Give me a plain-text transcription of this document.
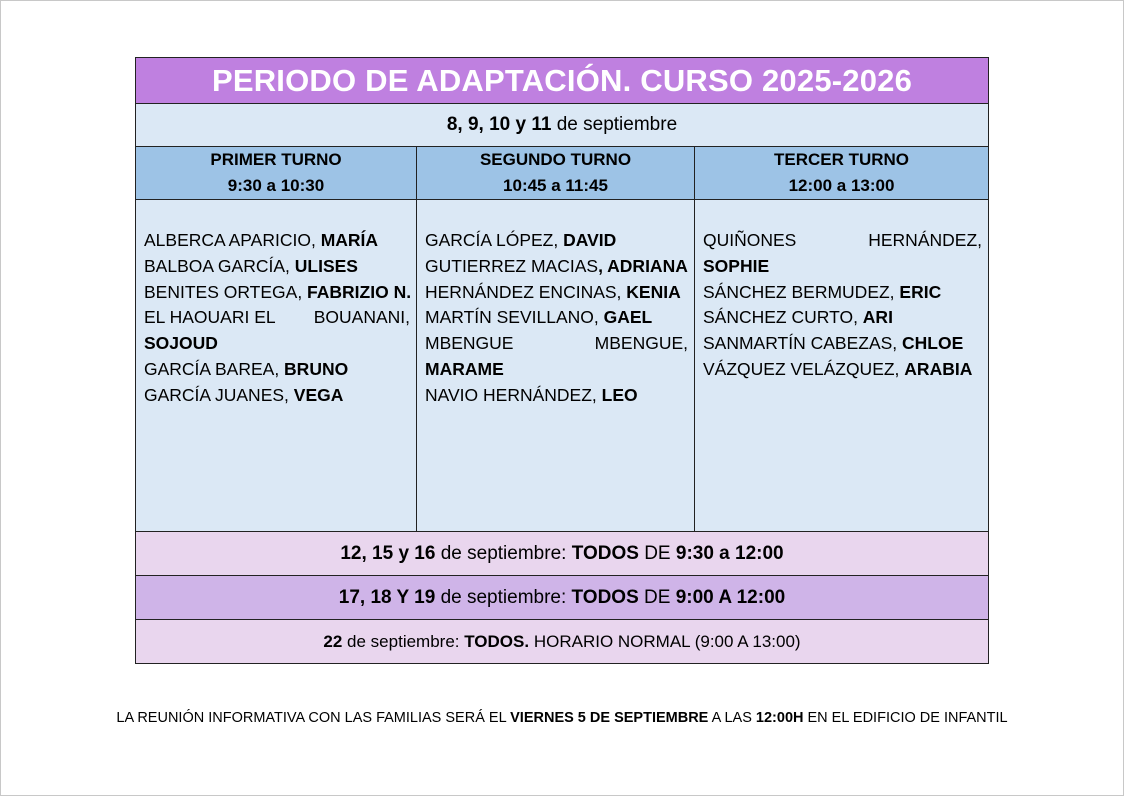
PERIODO DE ADAPTACIÓN. CURSO 2025-2026
8, 9, 10 y 11 de septiembre
PRIMER TURNO
9:30 a 10:30
SEGUNDO TURNO
10:45 a 11:45
TERCER TURNO
12:00 a 13:00
ALBERCA APARICIO, MARÍA
BALBOA GARCÍA, ULISES
BENITES ORTEGA, FABRIZIO N.
EL HAOUARI EL BOUANANI,
SOJOUD
GARCÍA BAREA, BRUNO
GARCÍA JUANES, VEGA
GARCÍA LÓPEZ, DAVID
GUTIERREZ MACIAS, ADRIANA
HERNÁNDEZ ENCINAS, KENIA
MARTÍN SEVILLANO, GAEL
MBENGUE	MBENGUE,
MARAME
NAVIO HERNÁNDEZ, LEO
QUIÑONES	HERNÁNDEZ,
SOPHIE
SÁNCHEZ BERMUDEZ, ERIC
SÁNCHEZ CURTO, ARI
SANMARTÍN CABEZAS, CHLOE
VÁZQUEZ VELÁZQUEZ, ARABIA
12, 15 y 16 de septiembre: TODOS DE 9:30 a 12:00
17, 18 Y 19 de septiembre: TODOS DE 9:00 A 12:00
22 de septiembre: TODOS. HORARIO NORMAL (9:00 A 13:00)
LA REUNIÓN INFORMATIVA CON LAS FAMILIAS SERÁ EL VIERNES 5 DE SEPTIEMBRE A LAS 12:00H EN EL EDIFICIO DE INFANTIL
